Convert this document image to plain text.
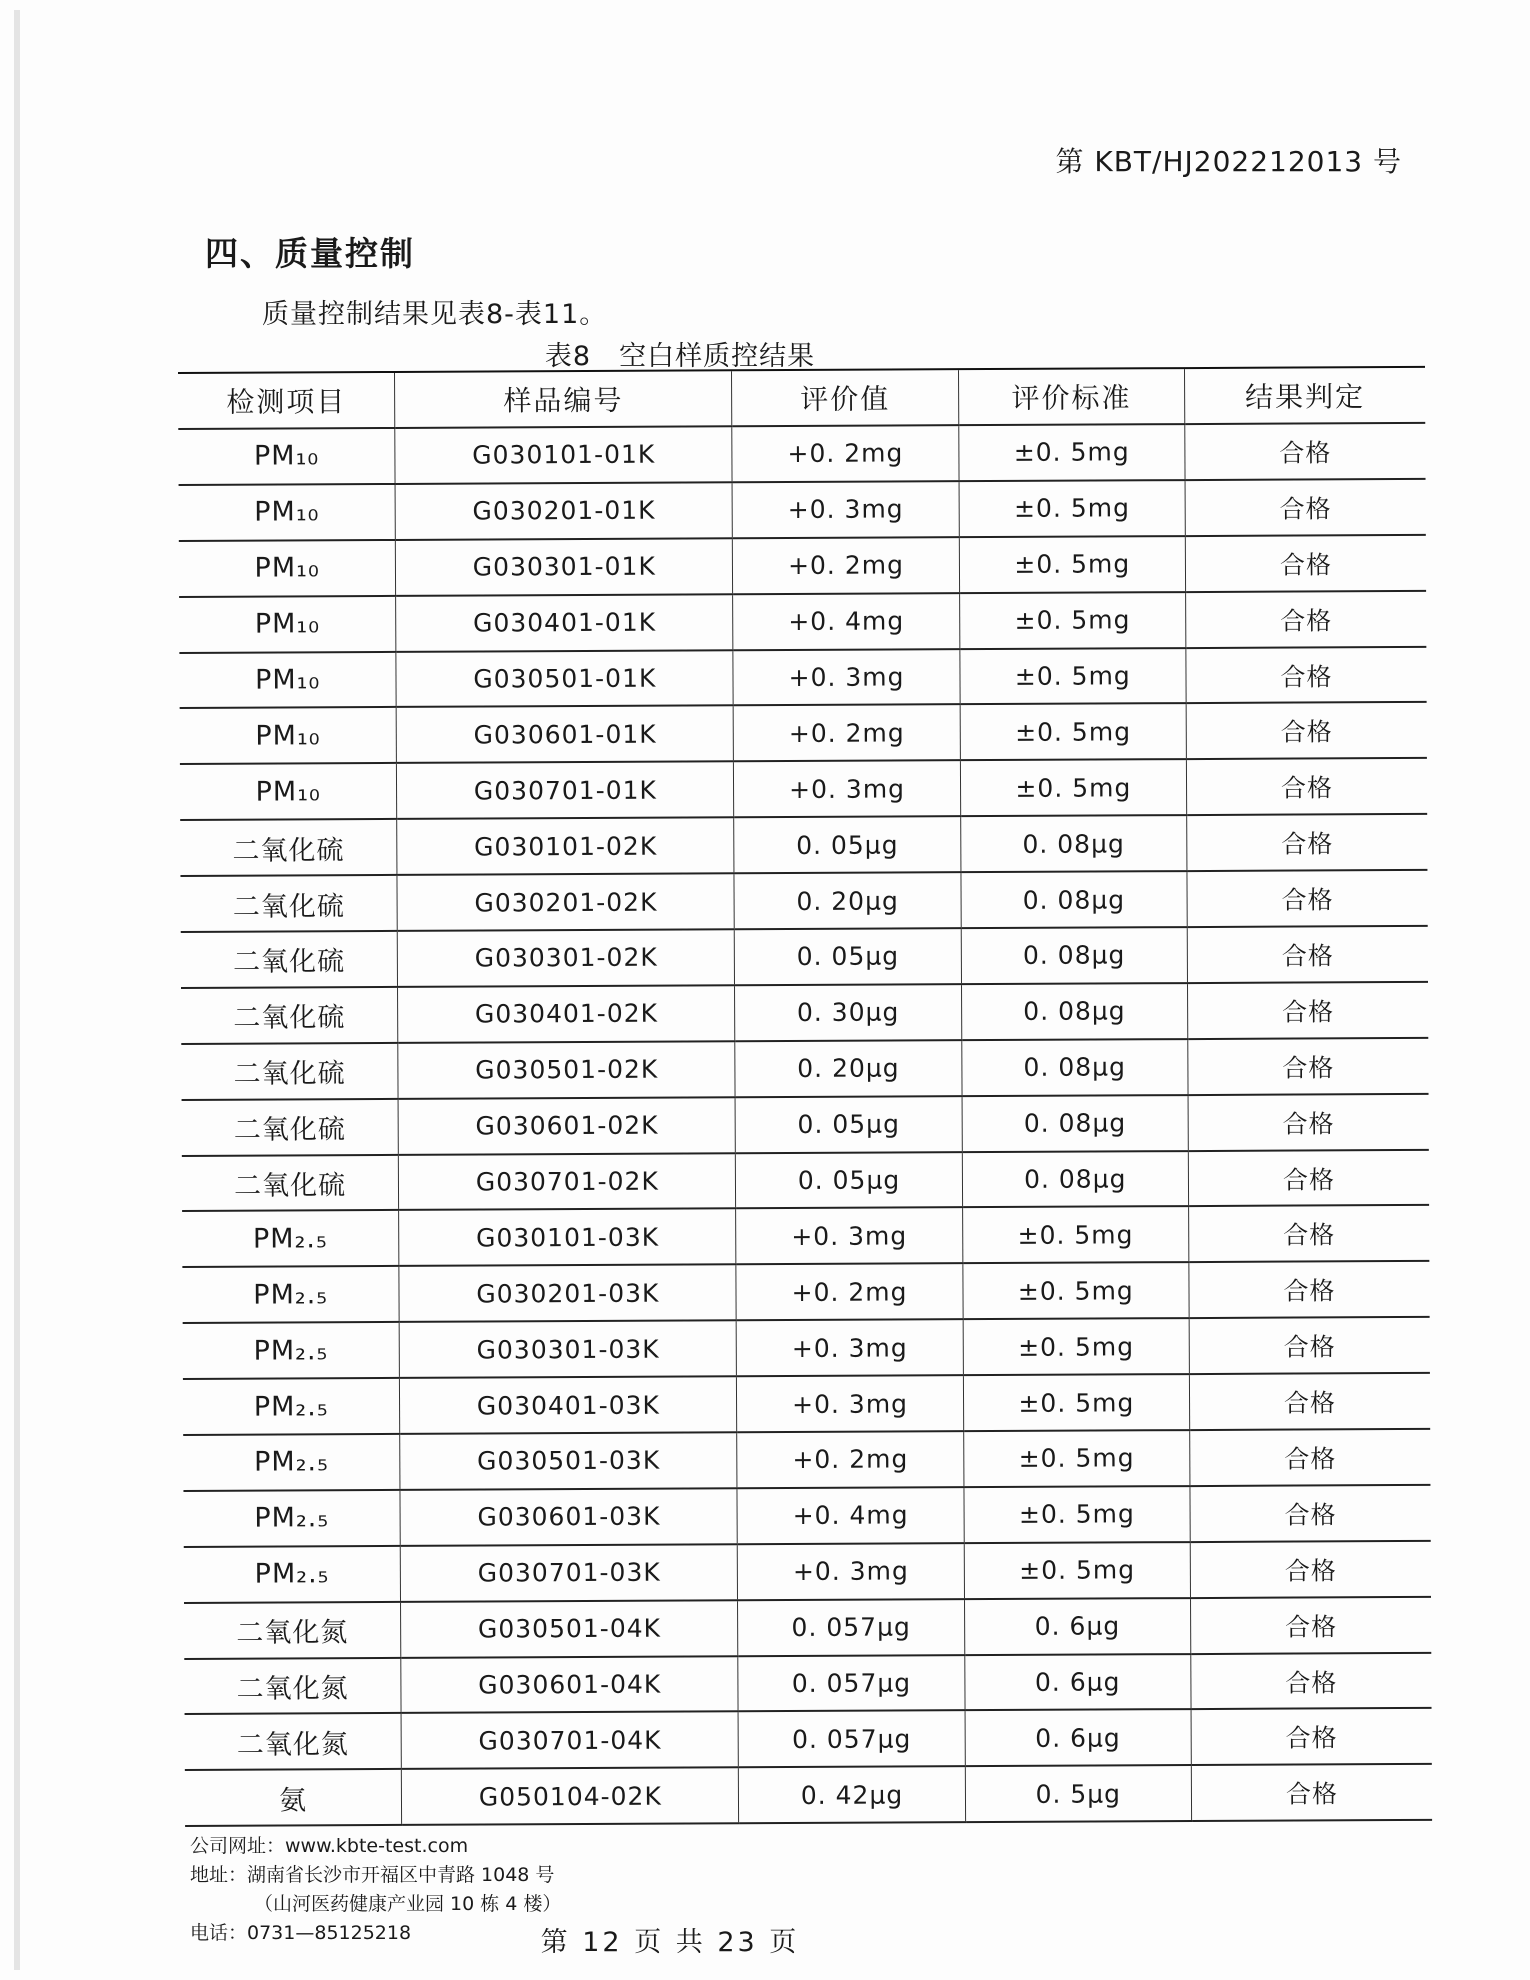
第 KBT/HJ202212013 号
四、质量控制
质量控制结果见表8-表11。
表8　空白样质控结果
检测项目	样品编号	评价值	评价标准	结果判定
PM₁₀	G030101-01K	+0. 2mg	±0. 5mg	合格
PM₁₀	G030201-01K	+0. 3mg	±0. 5mg	合格
PM₁₀	G030301-01K	+0. 2mg	±0. 5mg	合格
PM₁₀	G030401-01K	+0. 4mg	±0. 5mg	合格
PM₁₀	G030501-01K	+0. 3mg	±0. 5mg	合格
PM₁₀	G030601-01K	+0. 2mg	±0. 5mg	合格
PM₁₀	G030701-01K	+0. 3mg	±0. 5mg	合格
二氧化硫	G030101-02K	0. 05μg	0. 08μg	合格
二氧化硫	G030201-02K	0. 20μg	0. 08μg	合格
二氧化硫	G030301-02K	0. 05μg	0. 08μg	合格
二氧化硫	G030401-02K	0. 30μg	0. 08μg	合格
二氧化硫	G030501-02K	0. 20μg	0. 08μg	合格
二氧化硫	G030601-02K	0. 05μg	0. 08μg	合格
二氧化硫	G030701-02K	0. 05μg	0. 08μg	合格
PM₂.₅	G030101-03K	+0. 3mg	±0. 5mg	合格
PM₂.₅	G030201-03K	+0. 2mg	±0. 5mg	合格
PM₂.₅	G030301-03K	+0. 3mg	±0. 5mg	合格
PM₂.₅	G030401-03K	+0. 3mg	±0. 5mg	合格
PM₂.₅	G030501-03K	+0. 2mg	±0. 5mg	合格
PM₂.₅	G030601-03K	+0. 4mg	±0. 5mg	合格
PM₂.₅	G030701-03K	+0. 3mg	±0. 5mg	合格
二氧化氮	G030501-04K	0. 057μg	0. 6μg	合格
二氧化氮	G030601-04K	0. 057μg	0. 6μg	合格
二氧化氮	G030701-04K	0. 057μg	0. 6μg	合格
氨	G050104-02K	0. 42μg	0. 5μg	合格
公司网址：www.kbte-test.com
地址：湖南省长沙市开福区中青路 1048 号
（山河医药健康产业园 10 栋 4 楼）
电话：0731—85125218	第 12 页 共 23 页
